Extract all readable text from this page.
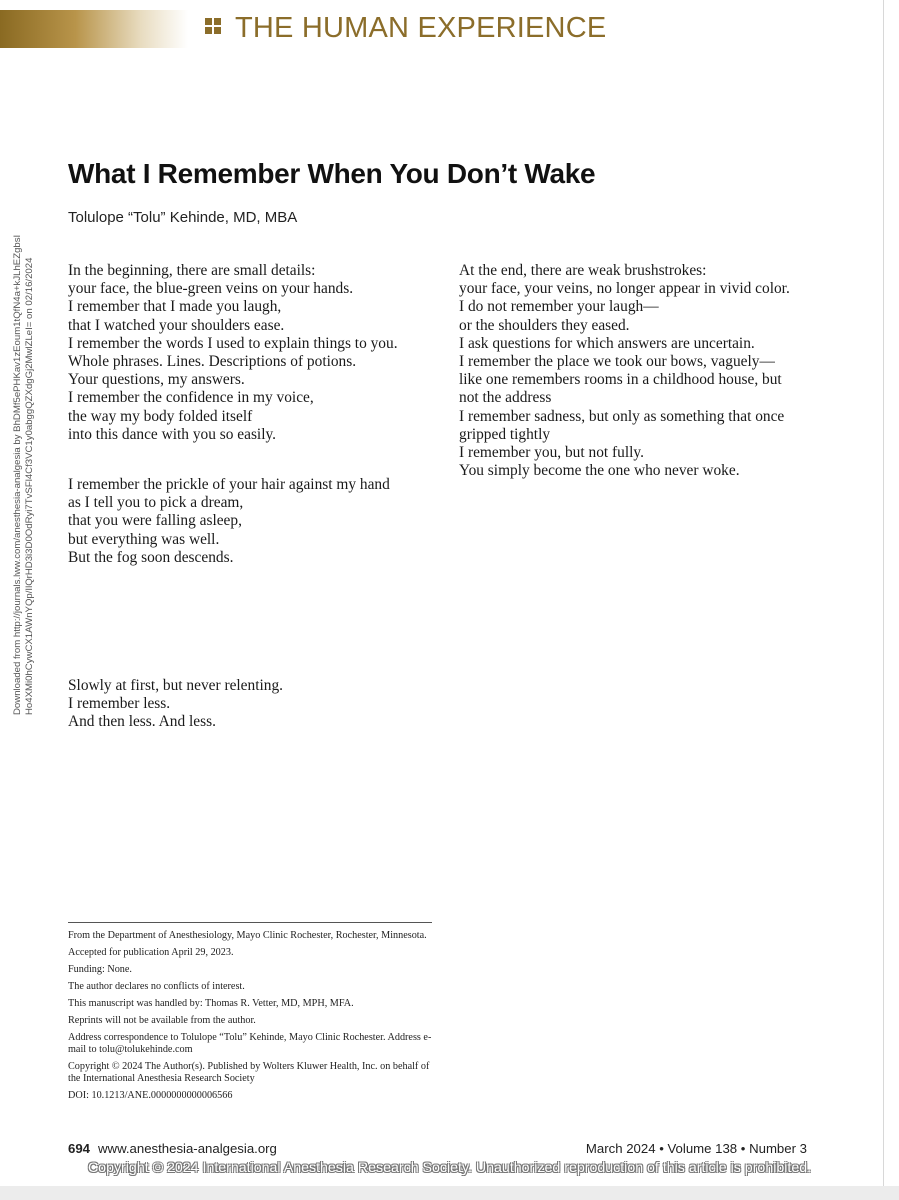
THE HUMAN EXPERIENCE
Downloaded from http://journals.lww.com/anesthesia-analgesia by BhDMf5ePHKav1zEoum1tQfN4a+kJLhEZgbsI Ho4XMi0hCywCX1AWnYQp/IlQrHD3i3D0OdRyi7TvSFl4Cf3VC1y0abggQZXdgGj2MwlZLeI= on 02/16/2024
What I Remember When You Don’t Wake
Tolulope “Tolu” Kehinde, MD, MBA
In the beginning, there are small details:
your face, the blue-green veins on your hands.
I remember that I made you laugh,
that I watched your shoulders ease.
I remember the words I used to explain things to you.
Whole phrases. Lines. Descriptions of potions.
Your questions, my answers.
I remember the confidence in my voice,
the way my body folded itself
into this dance with you so easily.
I remember the prickle of your hair against my hand
as I tell you to pick a dream,
that you were falling asleep,
but everything was well.
But the fog soon descends.
Slowly at first, but never relenting.
I remember less.
And then less. And less.
At the end, there are weak brushstrokes:
your face, your veins, no longer appear in vivid color.
I do not remember your laugh—
or the shoulders they eased.
I ask questions for which answers are uncertain.
I remember the place we took our bows, vaguely—
like one remembers rooms in a childhood house, but
not the address
I remember sadness, but only as something that once
gripped tightly
I remember you, but not fully.
You simply become the one who never woke.

From the Department of Anesthesiology, Mayo Clinic Rochester, Rochester, Minnesota.

Accepted for publication April 29, 2023.

Funding: None.

The author declares no conflicts of interest.

This manuscript was handled by: Thomas R. Vetter, MD, MPH, MFA.

Reprints will not be available from the author.

Address correspondence to Tolulope “Tolu” Kehinde, Mayo Clinic Rochester. Address e-mail to tolu@tolukehinde.com

Copyright © 2024 The Author(s). Published by Wolters Kluwer Health, Inc. on behalf of the International Anesthesia Research Society

DOI: 10.1213/ANE.0000000000006566

694 www.anesthesia-analgesia.org	March 2024 • Volume 138 • Number 3
Copyright © 2024 International Anesthesia Research Society. Unauthorized reproduction of this article is prohibited.
